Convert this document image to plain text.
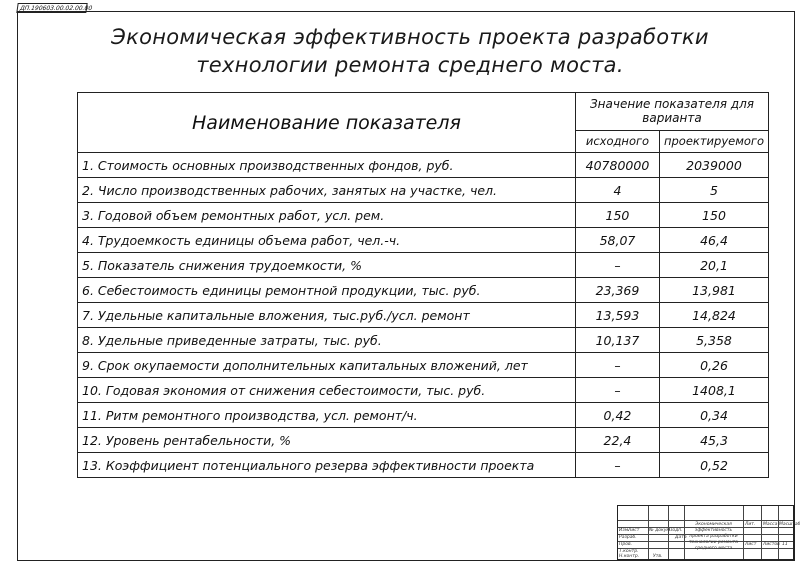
ДП.190603.00.02.00.00
Экономическая эффективность проекта разработки
технологии ремонта среднего моста.
Наименование показателя	Значение показателя для варианта	
	исходного	проектируемого
1. Стоимость основных производственных фондов, руб.	40780000	2039000
2. Число производственных рабочих, занятых на участке, чел.	4	5
3. Годовой объем ремонтных работ, усл. рем.	150	150
4. Трудоемкость единицы объема работ, чел.-ч.	58,07	46,4
5. Показатель снижения трудоемкости, %	–	20,1
6. Себестоимость единицы ремонтной продукции, тыс. руб.	23,369	13,981
7. Удельные капитальные вложения, тыс.руб./усл. ремонт	13,593	14,824
8. Удельные приведенные затраты, тыс. руб.	10,137	5,358
9. Срок окупаемости дополнительных капитальных вложений, лет	–	0,26
10. Годовая экономия от снижения себестоимости, тыс. руб.	–	1408,1
11. Ритм ремонтного производства, усл. ремонт/ч.	0,42	0,34
12. Уровень рентабельности, %	22,4	45,3
13. Коэффициент потенциального резерва эффективности проекта	–	0,52
Изм.
Лист № докум.
Подп.
Дата
Разраб.
Пров.
Т.контр.
Н.контр.	Утв.
Экономическая эффективность проекта разработки технологии ремонта среднего моста
Лит. Масса Масштаб
Лист Листов 11
